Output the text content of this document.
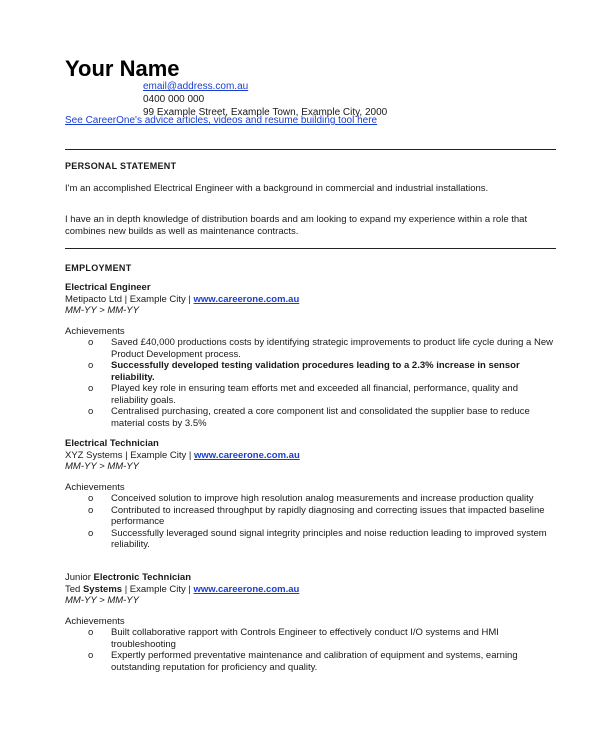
Your Name
email@address.com.au
0400 000 000
99 Example Street, Example Town, Example City, 2000
See CareerOne's advice articles, videos and resume building tool here
PERSONAL STATEMENT
I'm an accomplished Electrical Engineer with a background in commercial and industrial installations.
I have an in depth knowledge of distribution boards and am looking to expand my experience within a role that combines new builds as well as maintenance contracts.
EMPLOYMENT
Electrical Engineer
Metipacto Ltd | Example City | www.careerone.com.au
MM-YY > MM-YY
Achievements
o Saved £40,000 productions costs by identifying strategic improvements to product life cycle during a New Product Development process.
o Successfully developed testing validation procedures leading to a 2.3% increase in sensor reliability.
o Played key role in ensuring team efforts met and exceeded all financial, performance, quality and reliability goals.
o Centralised purchasing, created a core component list and consolidated the supplier base to reduce material costs by 3.5%
Electrical Technician
XYZ Systems | Example City | www.careerone.com.au
MM-YY > MM-YY
Achievements
o Conceived solution to improve high resolution analog measurements and increase production quality
o Contributed to increased throughput by rapidly diagnosing and correcting issues that impacted baseline performance
o Successfully leveraged sound signal integrity principles and noise reduction leading to improved system reliability.
Junior Electronic Technician
Ted Systems | Example City | www.careerone.com.au
MM-YY > MM-YY
Achievements
o Built collaborative rapport with Controls Engineer to effectively conduct I/O systems and HMI troubleshooting
o Expertly performed preventative maintenance and calibration of equipment and systems, earning outstanding reputation for proficiency and quality.
